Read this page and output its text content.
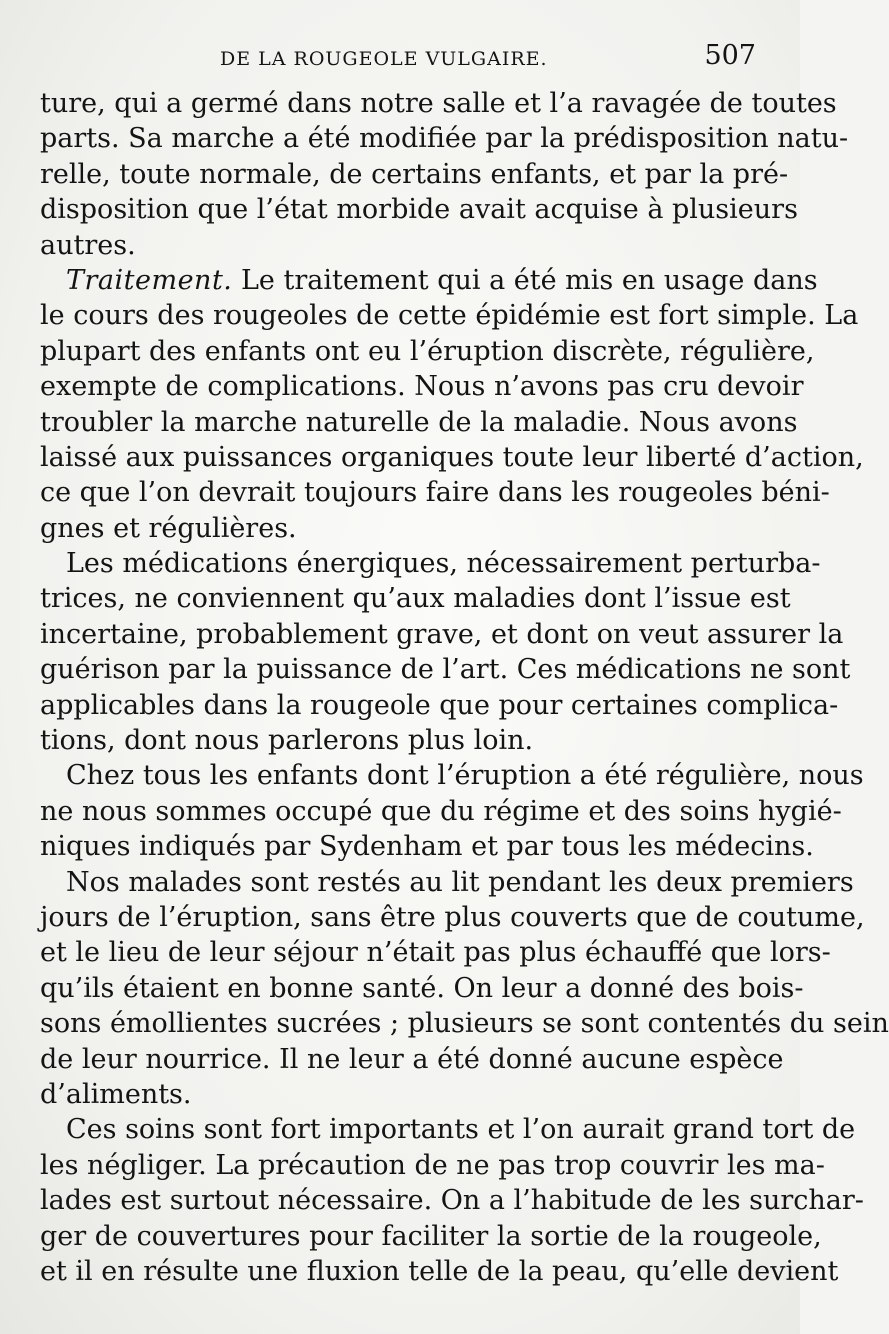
DE LA ROUGEOLE VULGAIRE.	507
ture, qui a germé dans notre salle et l’a ravagée de toutes
parts. Sa marche a été modifiée par la prédisposition natu-
relle, toute normale, de certains enfants, et par la pré-
disposition que l’état morbide avait acquise à plusieurs
autres.
Traitement. Le traitement qui a été mis en usage dans
le cours des rougeoles de cette épidémie est fort simple. La
plupart des enfants ont eu l’éruption discrète, régulière,
exempte de complications. Nous n’avons pas cru devoir
troubler la marche naturelle de la maladie. Nous avons
laissé aux puissances organiques toute leur liberté d’action,
ce que l’on devrait toujours faire dans les rougeoles béni-
gnes et régulières.
Les médications énergiques, nécessairement perturba-
trices, ne conviennent qu’aux maladies dont l’issue est
incertaine, probablement grave, et dont on veut assurer la
guérison par la puissance de l’art. Ces médications ne sont
applicables dans la rougeole que pour certaines complica-
tions, dont nous parlerons plus loin.
Chez tous les enfants dont l’éruption a été régulière, nous
ne nous sommes occupé que du régime et des soins hygié-
niques indiqués par Sydenham et par tous les médecins.
Nos malades sont restés au lit pendant les deux premiers
jours de l’éruption, sans être plus couverts que de coutume,
et le lieu de leur séjour n’était pas plus échauffé que lors-
qu’ils étaient en bonne santé. On leur a donné des bois-
sons émollientes sucrées ; plusieurs se sont contentés du sein
de leur nourrice. Il ne leur a été donné aucune espèce
d’aliments.
Ces soins sont fort importants et l’on aurait grand tort de
les négliger. La précaution de ne pas trop couvrir les ma-
lades est surtout nécessaire. On a l’habitude de les surchar-
ger de couvertures pour faciliter la sortie de la rougeole,
et il en résulte une fluxion telle de la peau, qu’elle devient
